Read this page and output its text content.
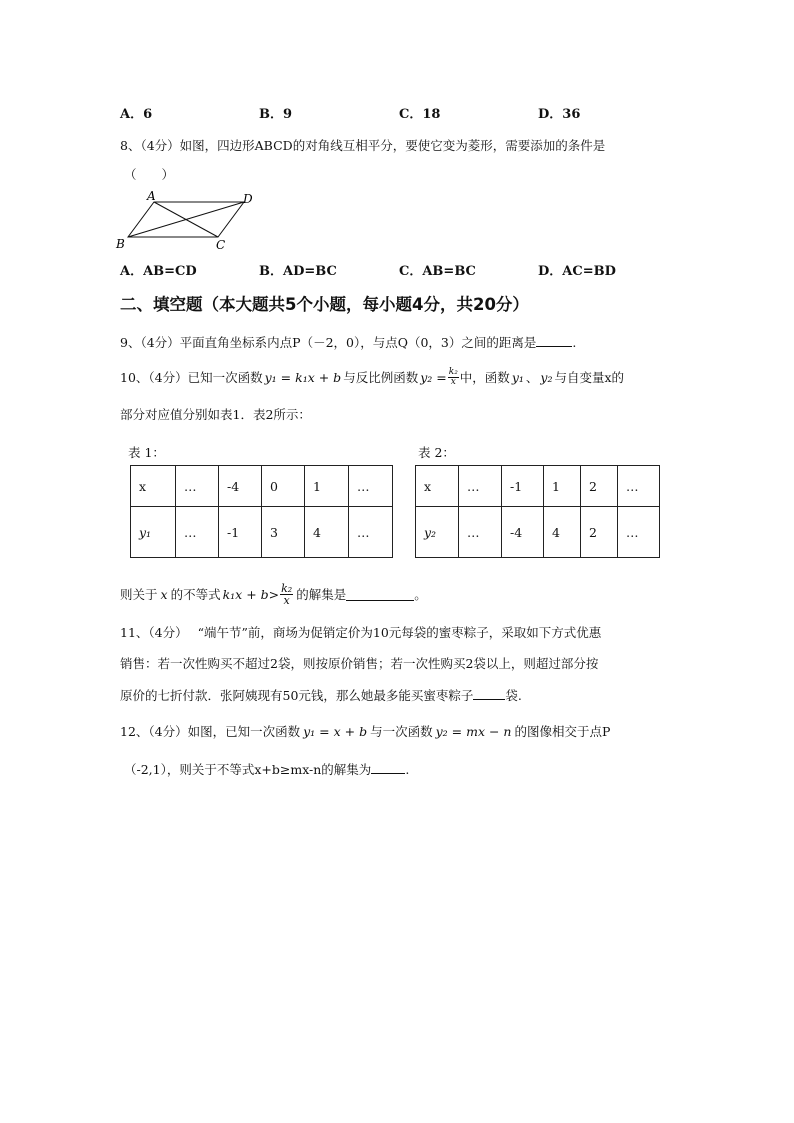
A．6	B．9	C．18	D．36
8、（4分）如图，四边形ABCD的对角线互相平分，要使它变为菱形，需要添加的条件是
（　　）
A	D
B	C
A．AB=CD	B．AD=BC	C．AB=BC	D．AC=BD
二、填空题（本大题共5个小题，每小题4分，共20分）
9、（4分）平面直角坐标系内点P（－2，0），与点Q（0，3）之间的距离是	.
10、（4分） 已知一次函数 y₁ = k₁x + b 与反比例函数 $y_2 = \frac{\text{k₂}}{x}$ 中，函数 y₁ 、 y₂ 与自变量x的
部分对应值分别如表1．表2所示：
表 1：	表 2：
x	…	-4	0	1	…
y₁	…	-1	3	4	…
x	…	-1	1	2	…
y₂	…	-4	4	2	…
则关于 x 的不等式 $k_1x + b> \frac{\text{k₂}}{x}$ 的解集是	。
11、（4分） “端午节”前，商场为促销定价为10元每袋的蜜枣粽子，采取如下方式优惠
销售：若一次性购买不超过2袋，则按原价销售；若一次性购买2袋以上，则超过部分按
原价的七折付款．张阿姨现有50元钱，那么她最多能买蜜枣粽子	袋.
12、（4分）如图，已知一次函数 y₁ = x + b 与一次函数 y₂ = mx − n 的图像相交于点P
（-2,1），则关于不等式x+b≥mx-n的解集为	.
